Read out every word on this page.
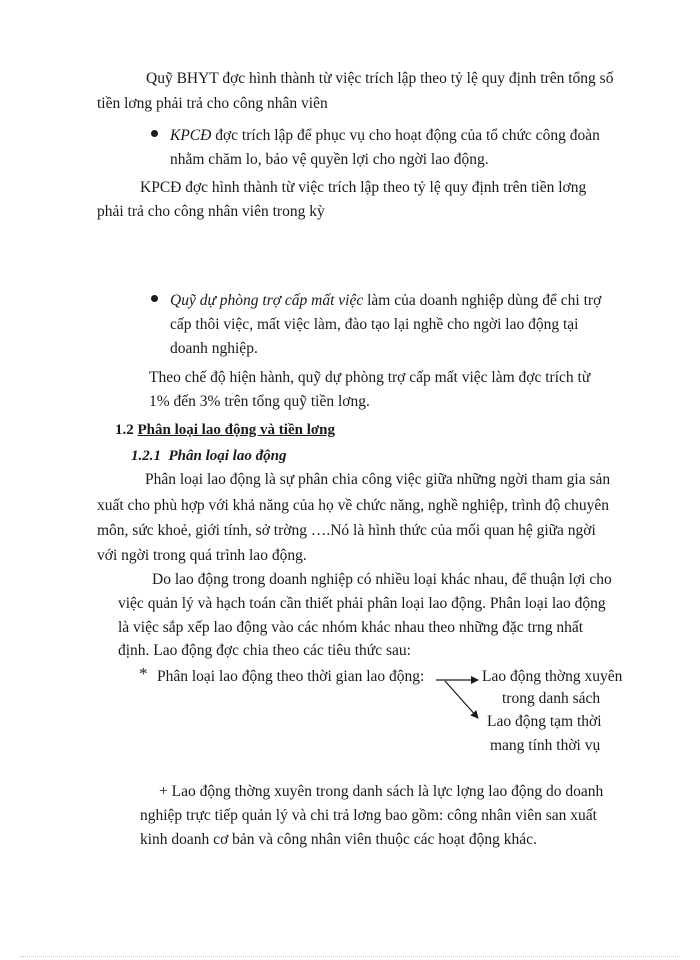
Quỹ BHYT đợc hình thành từ việc trích lập theo tỷ lệ quy định trên tổng số
tiền lơng phải trả cho công nhân viên
KPCĐ đợc trích lập để phục vụ cho hoạt động của tổ chức công đoàn
nhằm chăm lo, bảo vệ quyền lợi cho ngời lao động.
KPCĐ đợc hình thành từ việc trích lập theo tỷ lệ quy định trên tiền lơng
phải trả cho công nhân viên trong kỳ
Quỹ dự phòng trợ cấp mất việc làm của doanh nghiệp dùng để chi trợ
cấp thôi việc, mất việc làm, đào tạo lại nghề cho ngời lao động tại
doanh nghiệp.
Theo chế độ hiện hành, quỹ dự phòng trợ cấp mất việc làm đợc trích từ
1% đến 3% trên tổng quỹ tiền lơng.
1.2 Phân loại lao động và tiền lơng
1.2.1 Phân loại lao động
Phân loại lao động là sự phân chia công việc giữa những ngời tham gia sản
xuất cho phù hợp với khả năng của họ về chức năng, nghề nghiệp, trình độ chuyên
môn, sức khoẻ, giới tính, sở trờng ….Nó là hình thức của mối quan hệ giữa ngời
với ngời trong quá trình lao động.
Do lao động trong doanh nghiệp có nhiều loại khác nhau, để thuận lợi cho
việc quản lý và hạch toán cần thiết phải phân loại lao động. Phân loại lao động
là việc sắp xếp lao động vào các nhóm khác nhau theo những đặc trng nhất
định. Lao động đợc chia theo các tiêu thức sau:
* Phân loại lao động theo thời gian lao động:	Lao động thờng xuyên
trong danh sách
Lao động tạm thời
mang tính thời vụ
+ Lao động thờng xuyên trong danh sách là lực lợng lao động do doanh
nghiệp trực tiếp quản lý và chi trả lơng bao gồm: công nhân viên san xuất
kinh doanh cơ bản và công nhân viên thuộc các hoạt động khác.
